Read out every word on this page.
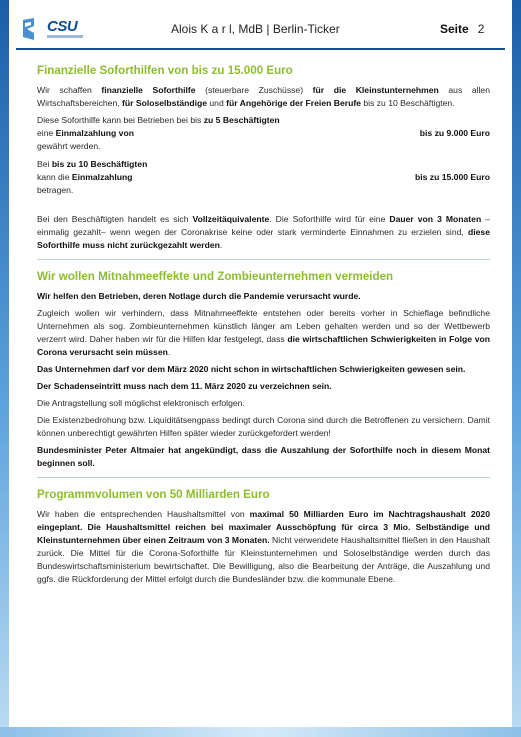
CSU	Alois K a r l, MdB | Berlin-Ticker	Seite 2
Finanzielle Soforthilfen von bis zu 15.000 Euro

Wir schaffen finanzielle Soforthilfe (steuerbare Zuschüsse) für die Kleinstunternehmen aus allen Wirtschaftsbereichen, für Soloselbständige und für Angehörige der Freien Berufe bis zu 10 Beschäftigten.

Diese Soforthilfe kann bei Betrieben bei bis zu 5 Beschäftigten
eine Einmalzahlung von	bis zu 9.000 Euro
gewährt werden.
Bei bis zu 10 Beschäftigten
kann die Einmalzahlung	bis zu 15.000 Euro
betragen.

Bei den Beschäftigten handelt es sich Vollzeitäquivalente. Die Soforthilfe wird für eine Dauer von 3 Monaten – einmalig gezahlt– wenn wegen der Coronakrise keine oder stark verminderte Einnahmen zu erzielen sind, diese Soforthilfe muss nicht zurückgezahlt werden.

Wir wollen Mitnahmeeffekte und Zombieunternehmen vermeiden

Wir helfen den Betrieben, deren Notlage durch die Pandemie verursacht wurde.

Zugleich wollen wir verhindern, dass Mitnahmeeffekte entstehen oder bereits vorher in Schieflage befindliche Unternehmen als sog. Zombieunternehmen künstlich länger am Leben gehalten werden und so der Wettbewerb verzerrt wird. Daher haben wir für die Hilfen klar festgelegt, dass die wirtschaftlichen Schwierigkeiten in Folge von Corona verursacht sein müssen.

Das Unternehmen darf vor dem März 2020 nicht schon in wirtschaftlichen Schwierigkeiten gewesen sein.

Der Schadenseintritt muss nach dem 11. März 2020 zu verzeichnen sein.

Die Antragstellung soll möglichst elektronisch erfolgen.

Die Existenzbedrohung bzw. Liquiditätsengpass bedingt durch Corona sind durch die Betroffenen zu versichern. Damit können unberechtigt gewährten Hilfen später wieder zurückgefordert werden!

Bundesminister Peter Altmaier hat angekündigt, dass die Auszahlung der Soforthilfe noch in diesem Monat beginnen soll.

Programmvolumen von 50 Milliarden Euro

Wir haben die entsprechenden Haushaltsmittel von maximal 50 Milliarden Euro im Nachtragshaushalt 2020 eingeplant. Die Haushaltsmittel reichen bei maximaler Ausschöpfung für circa 3 Mio. Selbständige und Kleinstunternehmen über einen Zeitraum von 3 Monaten. Nicht verwendete Haushaltsmittel fließen in den Haushalt zurück. Die Mittel für die Corona-Soforthilfe für Kleinstunternehmen und Soloselbständige werden durch das Bundeswirtschaftsministerium bewirtschaftet. Die Bewilligung, also die Bearbeitung der Anträge, die Auszahlung und ggfs. die Rückforderung der Mittel erfolgt durch die Bundesländer bzw. die kommunale Ebene.
